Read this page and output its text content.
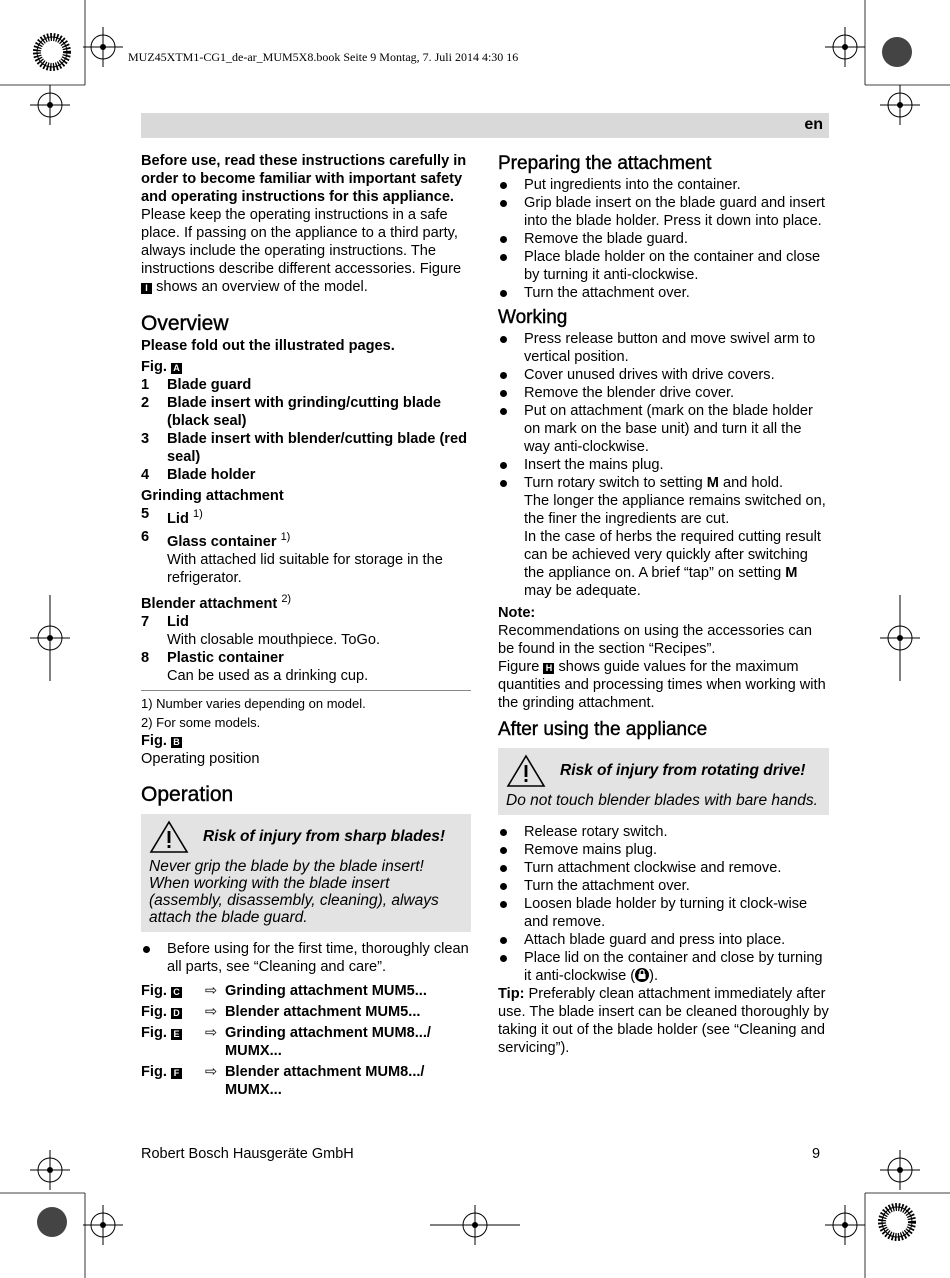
MUZ45XTM1-CG1_de-ar_MUM5X8.book Seite 9 Montag, 7. Juli 2014 4:30 16
en

Before use, read these instructions carefully in order to become familiar with important safety and operating instructions for this appliance.

Please keep the operating instructions in a safe place. If passing on the appliance to a third party, always include the operating instructions. The instructions describe different accessories. Figure I shows an overview of the model.

Overview

Please fold out the illustrated pages.

Fig. A

1 Blade guard
2 Blade insert with grinding/cutting blade (black seal)
3 Blade insert with blender/cutting blade (red seal)
4 Blade holder

Grinding attachment

5 Lid $^{1)}$
6 Glass container $^{1)}$
With attached lid suitable for storage in the refrigerator.

Blender attachment $^{2)}$

7 Lid
With closable mouthpiece. ToGo.
8 Plastic container
Can be used as a drinking cup.
1) Number varies depending on model.
2) For some models.

Fig. B

Operating position

Operation
Risk of injury from sharp blades!
Never grip the blade by the blade insert! When working with the blade insert (assembly, disassembly, cleaning), always attach the blade guard.
Before using for the first time, thoroughly clean all parts, see “Cleaning and care”.
Fig. C	⇨ Grinding attachment MUM5...
Fig. D	⇨ Blender attachment MUM5...
Fig. E	⇨ Grinding attachment MUM8.../ MUMX...
Fig. F	⇨ Blender attachment MUM8.../ MUMX...
Preparing the attachment
Put ingredients into the container.
Grip blade insert on the blade guard and insert into the blade holder. Press it down into place.
Remove the blade guard.
Place blade holder on the container and close by turning it anti-clockwise.
Turn the attachment over.
Working
Press release button and move swivel arm to vertical position.
Cover unused drives with drive covers.
Remove the blender drive cover.
Put on attachment (mark on the blade holder on mark on the base unit) and turn it all the way anti-clockwise.
Insert the mains plug.
Turn rotary switch to setting M and hold.

The longer the appliance remains switched on, the finer the ingredients are cut.

In the case of herbs the required cutting result can be achieved very quickly after switching the appliance on. A brief “tap” on setting M may be adequate.

Note:

Recommendations on using the accessories can be found in the section “Recipes”.

Figure H shows guide values for the maximum quantities and processing times when working with the grinding attachment.

After using the appliance
Risk of injury from rotating drive!
Do not touch blender blades with bare hands.
Release rotary switch.
Remove mains plug.
Turn attachment clockwise and remove.
Turn the attachment over.
Loosen blade holder by turning it clock-wise and remove.
Attach blade guard and press into place.
Place lid on the container and close by turning it anti-clockwise ( ).

Tip: Preferably clean attachment immediately after use. The blade insert can be cleaned thoroughly by taking it out of the blade holder (see “Cleaning and servicing”).

Robert Bosch Hausgeräte GmbH	9
